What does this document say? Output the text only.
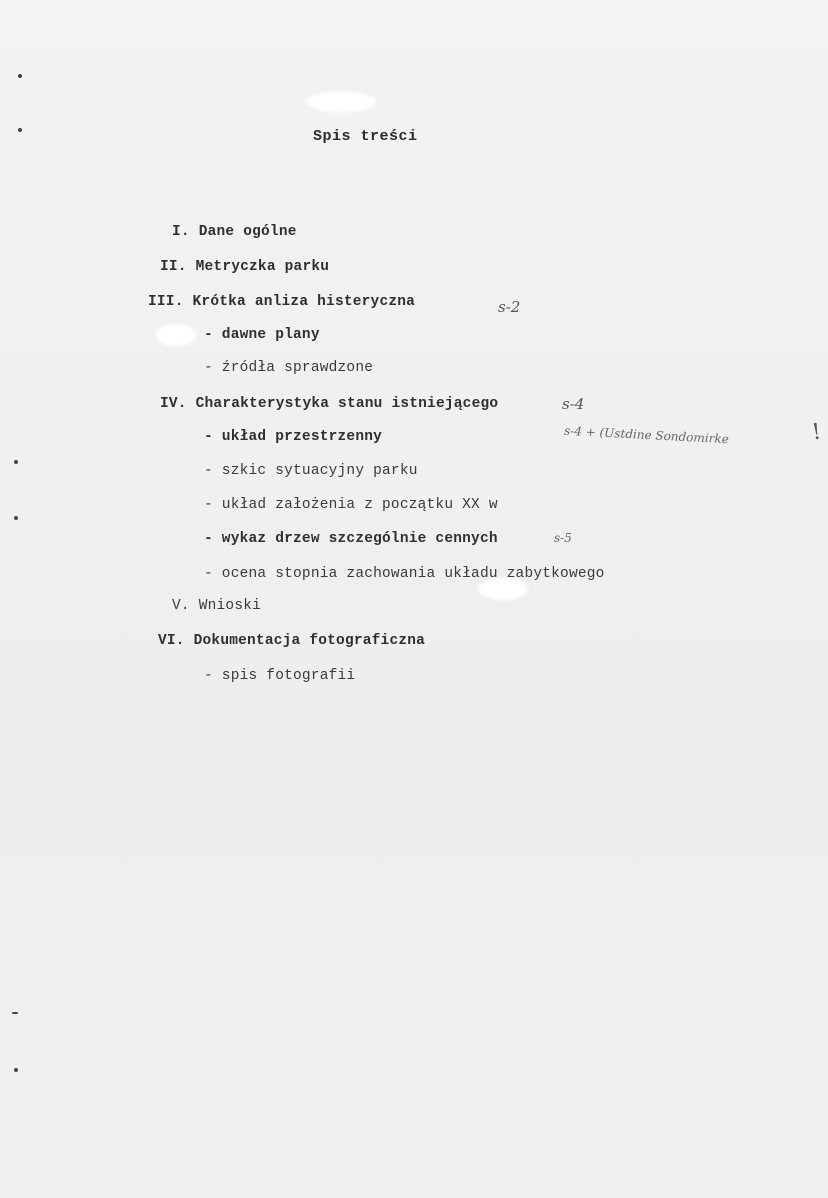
Spis treści
I. Dane ogólne
II. Metryczka parku
III. Krótka anliza histeryczna
- dawne plany
- źródła sprawdzone
IV. Charakterystyka stanu istniejącego
- układ przestrzenny
- szkic sytuacyjny parku
- układ założenia z początku XX w
- wykaz drzew szczególnie cennych
- ocena stopnia zachowania układu zabytkowego
V. Wnioski
VI. Dokumentacja fotograficzna
- spis fotografii
s-2
s-4
s-4 + (Ustdine Sondomirke	!
s-5
